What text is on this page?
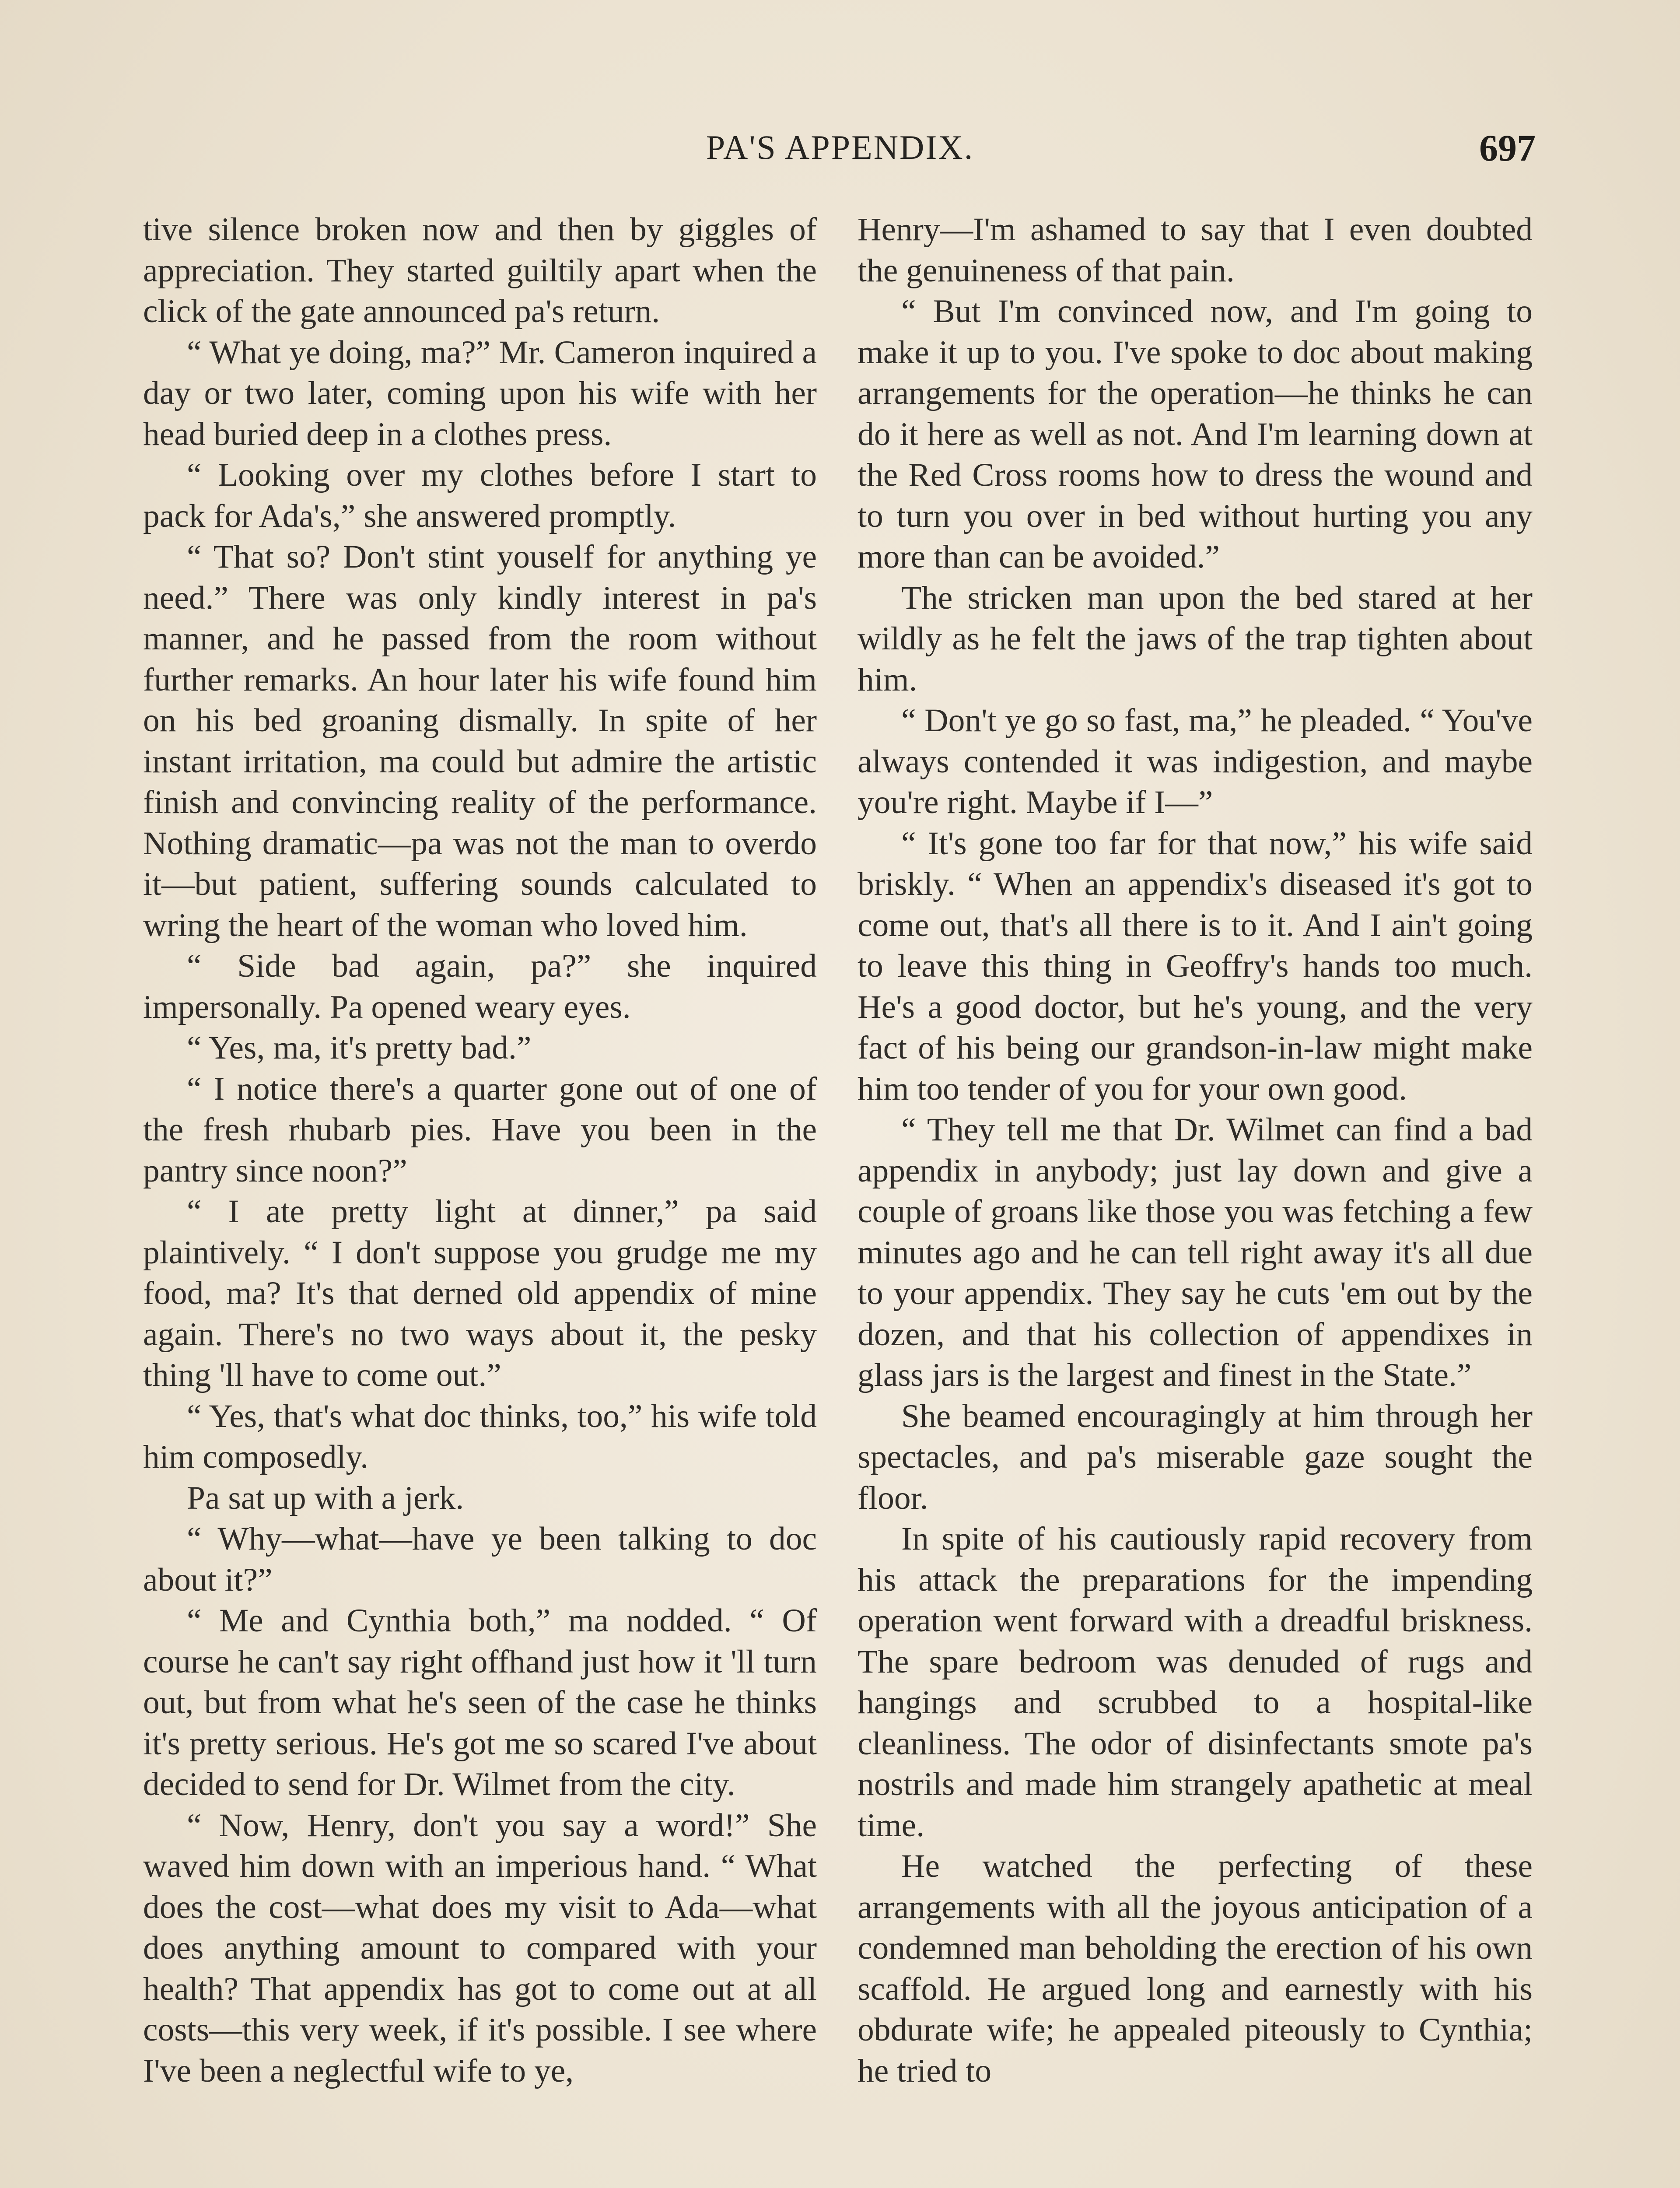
PA'S APPENDIX.	697

tive silence broken now and then by giggles of appreciation. They started guiltily apart when the click of the gate announced pa's return.

“ What ye doing, ma?” Mr. Cameron inquired a day or two later, coming upon his wife with her head buried deep in a clothes press.

“ Looking over my clothes before I start to pack for Ada's,” she answered promptly.

“ That so? Don't stint youself for anything ye need.” There was only kindly interest in pa's manner, and he passed from the room without further remarks. An hour later his wife found him on his bed groaning dismally. In spite of her instant irritation, ma could but admire the artistic finish and convincing reality of the performance. Nothing dramatic—pa was not the man to overdo it—but patient, suffering sounds calculated to wring the heart of the woman who loved him.

“ Side bad again, pa?” she inquired impersonally. Pa opened weary eyes.

“ Yes, ma, it's pretty bad.”

“ I notice there's a quarter gone out of one of the fresh rhubarb pies. Have you been in the pantry since noon?”

“ I ate pretty light at dinner,” pa said plaintively. “ I don't suppose you grudge me my food, ma? It's that derned old appendix of mine again. There's no two ways about it, the pesky thing 'll have to come out.”

“ Yes, that's what doc thinks, too,” his wife told him composedly.

Pa sat up with a jerk.

“ Why—what—have ye been talking to doc about it?”

“ Me and Cynthia both,” ma nodded. “ Of course he can't say right offhand just how it 'll turn out, but from what he's seen of the case he thinks it's pretty serious. He's got me so scared I've about decided to send for Dr. Wilmet from the city.

“ Now, Henry, don't you say a word!” She waved him down with an imperious hand. “ What does the cost—what does my visit to Ada—what does anything amount to compared with your health? That appendix has got to come out at all costs—this very week, if it's possible. I see where I've been a neglectful wife to ye,

Henry—I'm ashamed to say that I even doubted the genuineness of that pain.

“ But I'm convinced now, and I'm going to make it up to you. I've spoke to doc about making arrangements for the operation—he thinks he can do it here as well as not. And I'm learning down at the Red Cross rooms how to dress the wound and to turn you over in bed without hurting you any more than can be avoided.”

The stricken man upon the bed stared at her wildly as he felt the jaws of the trap tighten about him.

“ Don't ye go so fast, ma,” he pleaded. “ You've always contended it was indigestion, and maybe you're right. Maybe if I—”

“ It's gone too far for that now,” his wife said briskly. “ When an appendix's diseased it's got to come out, that's all there is to it. And I ain't going to leave this thing in Geoffry's hands too much. He's a good doctor, but he's young, and the very fact of his being our grandson-in-law might make him too tender of you for your own good.

“ They tell me that Dr. Wilmet can find a bad appendix in anybody; just lay down and give a couple of groans like those you was fetching a few minutes ago and he can tell right away it's all due to your appendix. They say he cuts 'em out by the dozen, and that his collection of appendixes in glass jars is the largest and finest in the State.”

She beamed encouragingly at him through her spectacles, and pa's miserable gaze sought the floor.

In spite of his cautiously rapid recovery from his attack the preparations for the impending operation went forward with a dreadful briskness. The spare bedroom was denuded of rugs and hangings and scrubbed to a hospital-like cleanliness. The odor of disinfectants smote pa's nostrils and made him strangely apathetic at meal time.

He watched the perfecting of these arrangements with all the joyous anticipation of a condemned man beholding the erection of his own scaffold. He argued long and earnestly with his obdurate wife; he appealed piteously to Cynthia; he tried to
